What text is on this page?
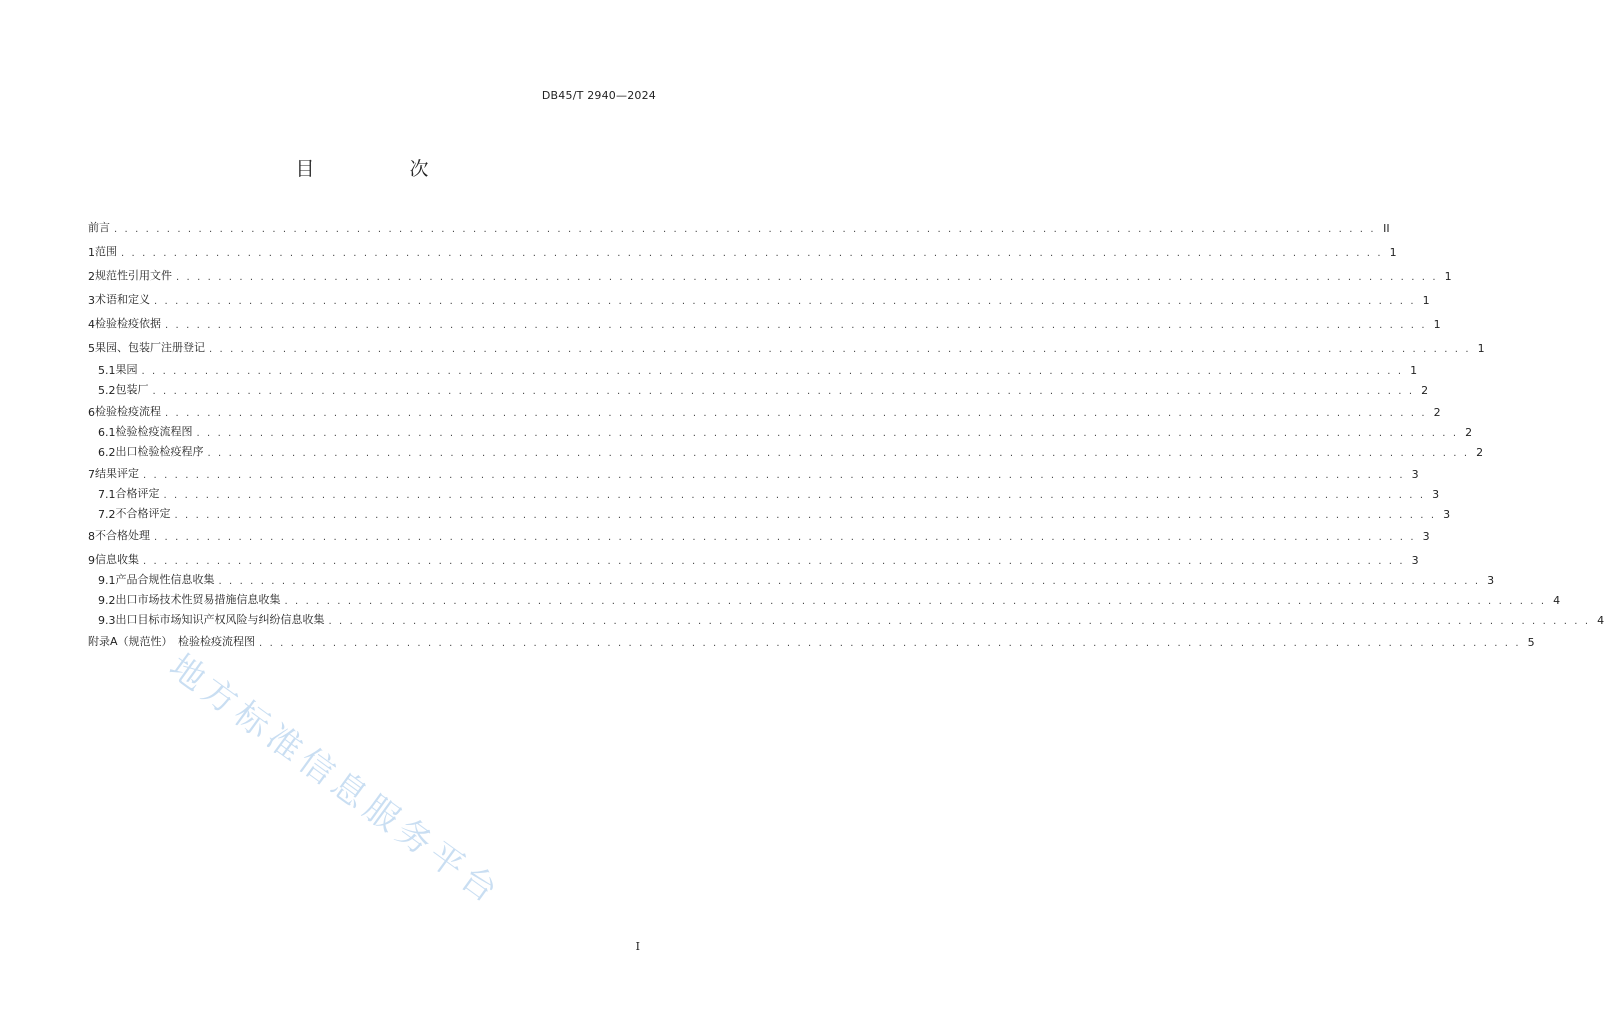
DB45/T 2940—2024
目　次
前言 . . . . . . . . . . . . . . . . . . . . . . . . . . . . . . . . . . . . . . . . . . . . . . . . . . . . . . . . . . . . . . . . . . . . . . . . . . . . . . . . . . . . . . . . . . . . . . . . . . . . . . . . . . . . . . . . . . . . . . . . II
1 范围 . . . . . . . . . . . . . . . . . . . . . . . . . . . . . . . . . . . . . . . . . . . . . . . . . . . . . . . . . . . . . . . . . . . . . . . . . . . . . . . . . . . . . . . . . . . . . . . . . . . . . . . . . . . . . . . . . . . . . . . . 1
2 规范性引用文件 . . . . . . . . . . . . . . . . . . . . . . . . . . . . . . . . . . . . . . . . . . . . . . . . . . . . . . . . . . . . . . . . . . . . . . . . . . . . . . . . . . . . . . . . . . . . . . . . . . . . . . . . . . . . . . . . . . . . . . . . 1
3 术语和定义 . . . . . . . . . . . . . . . . . . . . . . . . . . . . . . . . . . . . . . . . . . . . . . . . . . . . . . . . . . . . . . . . . . . . . . . . . . . . . . . . . . . . . . . . . . . . . . . . . . . . . . . . . . . . . . . . . . . . . . . . 1
4 检验检疫依据 . . . . . . . . . . . . . . . . . . . . . . . . . . . . . . . . . . . . . . . . . . . . . . . . . . . . . . . . . . . . . . . . . . . . . . . . . . . . . . . . . . . . . . . . . . . . . . . . . . . . . . . . . . . . . . . . . . . . . . . . 1
5 果园、包装厂注册登记 . . . . . . . . . . . . . . . . . . . . . . . . . . . . . . . . . . . . . . . . . . . . . . . . . . . . . . . . . . . . . . . . . . . . . . . . . . . . . . . . . . . . . . . . . . . . . . . . . . . . . . . . . . . . . . . . . . . . . . . . 1
5.1 果园 . . . . . . . . . . . . . . . . . . . . . . . . . . . . . . . . . . . . . . . . . . . . . . . . . . . . . . . . . . . . . . . . . . . . . . . . . . . . . . . . . . . . . . . . . . . . . . . . . . . . . . . . . . . . . . . . . . . . . . . . 1
5.2 包装厂 . . . . . . . . . . . . . . . . . . . . . . . . . . . . . . . . . . . . . . . . . . . . . . . . . . . . . . . . . . . . . . . . . . . . . . . . . . . . . . . . . . . . . . . . . . . . . . . . . . . . . . . . . . . . . . . . . . . . . . . . 2
6 检验检疫流程 . . . . . . . . . . . . . . . . . . . . . . . . . . . . . . . . . . . . . . . . . . . . . . . . . . . . . . . . . . . . . . . . . . . . . . . . . . . . . . . . . . . . . . . . . . . . . . . . . . . . . . . . . . . . . . . . . . . . . . . . 2
6.1 检验检疫流程图 . . . . . . . . . . . . . . . . . . . . . . . . . . . . . . . . . . . . . . . . . . . . . . . . . . . . . . . . . . . . . . . . . . . . . . . . . . . . . . . . . . . . . . . . . . . . . . . . . . . . . . . . . . . . . . . . . . . . . . . . 2
6.2 出口检验检疫程序 . . . . . . . . . . . . . . . . . . . . . . . . . . . . . . . . . . . . . . . . . . . . . . . . . . . . . . . . . . . . . . . . . . . . . . . . . . . . . . . . . . . . . . . . . . . . . . . . . . . . . . . . . . . . . . . . . . . . . . . . 2
7 结果评定 . . . . . . . . . . . . . . . . . . . . . . . . . . . . . . . . . . . . . . . . . . . . . . . . . . . . . . . . . . . . . . . . . . . . . . . . . . . . . . . . . . . . . . . . . . . . . . . . . . . . . . . . . . . . . . . . . . . . . . . . 3
7.1 合格评定 . . . . . . . . . . . . . . . . . . . . . . . . . . . . . . . . . . . . . . . . . . . . . . . . . . . . . . . . . . . . . . . . . . . . . . . . . . . . . . . . . . . . . . . . . . . . . . . . . . . . . . . . . . . . . . . . . . . . . . . . 3
7.2 不合格评定 . . . . . . . . . . . . . . . . . . . . . . . . . . . . . . . . . . . . . . . . . . . . . . . . . . . . . . . . . . . . . . . . . . . . . . . . . . . . . . . . . . . . . . . . . . . . . . . . . . . . . . . . . . . . . . . . . . . . . . . . 3
8 不合格处理 . . . . . . . . . . . . . . . . . . . . . . . . . . . . . . . . . . . . . . . . . . . . . . . . . . . . . . . . . . . . . . . . . . . . . . . . . . . . . . . . . . . . . . . . . . . . . . . . . . . . . . . . . . . . . . . . . . . . . . . . 3
9 信息收集 . . . . . . . . . . . . . . . . . . . . . . . . . . . . . . . . . . . . . . . . . . . . . . . . . . . . . . . . . . . . . . . . . . . . . . . . . . . . . . . . . . . . . . . . . . . . . . . . . . . . . . . . . . . . . . . . . . . . . . . . 3
9.1 产品合规性信息收集 . . . . . . . . . . . . . . . . . . . . . . . . . . . . . . . . . . . . . . . . . . . . . . . . . . . . . . . . . . . . . . . . . . . . . . . . . . . . . . . . . . . . . . . . . . . . . . . . . . . . . . . . . . . . . . . . . . . . . . . . 3
9.2 出口市场技术性贸易措施信息收集 . . . . . . . . . . . . . . . . . . . . . . . . . . . . . . . . . . . . . . . . . . . . . . . . . . . . . . . . . . . . . . . . . . . . . . . . . . . . . . . . . . . . . . . . . . . . . . . . . . . . . . . . . . . . . . . . . . . . . . . . 4
9.3 出口目标市场知识产权风险与纠纷信息收集 . . . . . . . . . . . . . . . . . . . . . . . . . . . . . . . . . . . . . . . . . . . . . . . . . . . . . . . . . . . . . . . . . . . . . . . . . . . . . . . . . . . . . . . . . . . . . . . . . . . . . . . . . . . . . . . . . . . . . . . . 4
附录A（规范性）　检验检疫流程图 . . . . . . . . . . . . . . . . . . . . . . . . . . . . . . . . . . . . . . . . . . . . . . . . . . . . . . . . . . . . . . . . . . . . . . . . . . . . . . . . . . . . . . . . . . . . . . . . . . . . . . . . . . . . . . . . . . . . . . . . 5
地方标准信息服务平台
I
